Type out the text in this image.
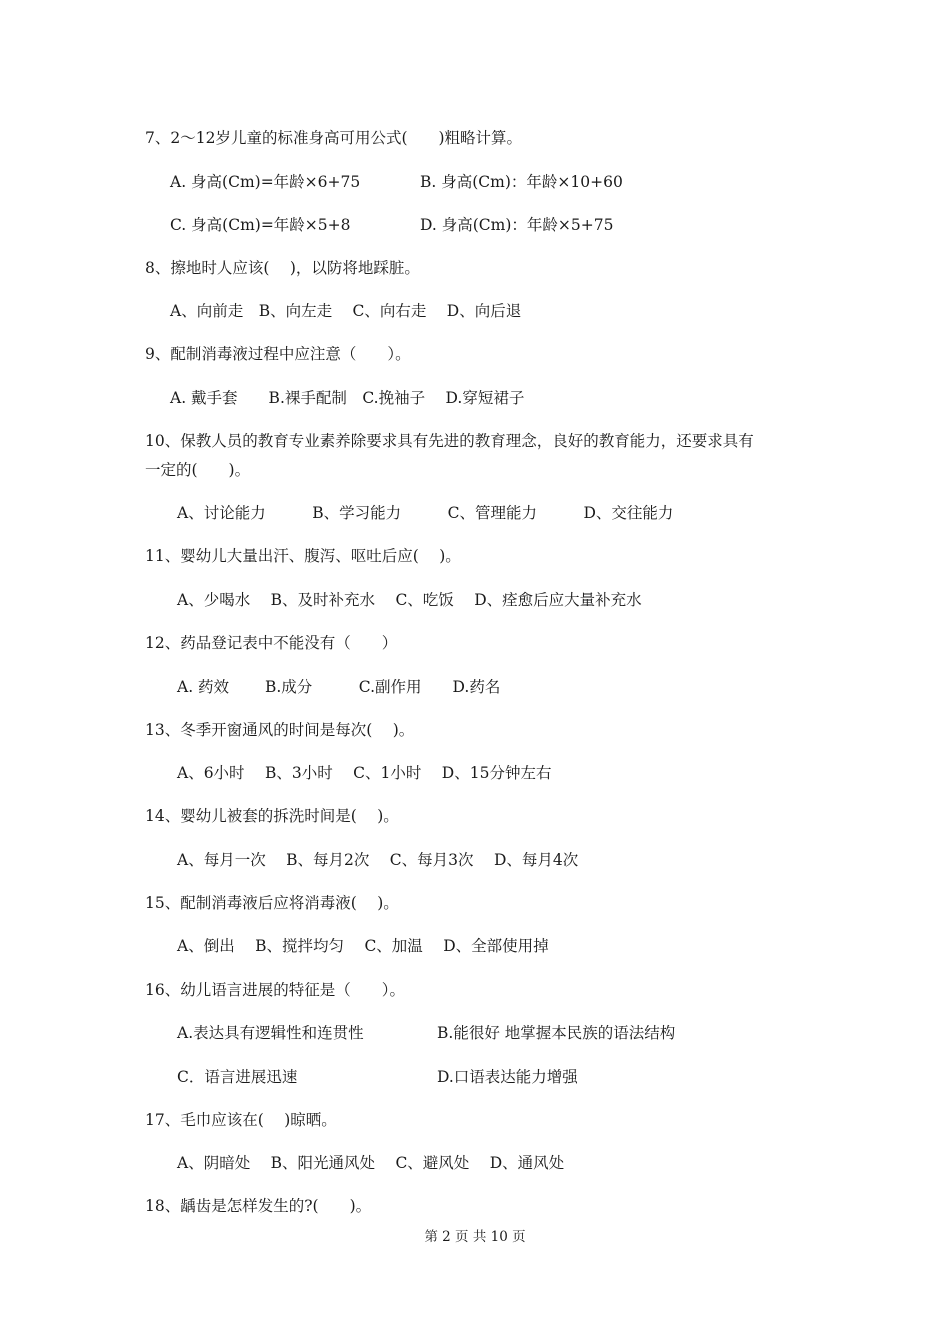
7、2～12岁儿童的标准身高可用公式(　　)粗略计算。
A. 身高(Cm)=年龄×6+75	B. 身高(Cm)：年龄×10+60
C. 身高(Cm)=年龄×5+8	D. 身高(Cm)：年龄×5+75
8、擦地时人应该(　 )，以防将地踩脏。
A、向前走　B、向左走　 C、向右走　 D、向后退
9、配制消毒液过程中应注意（　　）。
A. 戴手套　　B.裸手配制　C.挽袖子　 D.穿短裙子
10、保教人员的教育专业素养除要求具有先进的教育理念，良好的教育能力，还要求具有
一定的(　　)。
A、讨论能力　　　B、学习能力　　　C、管理能力　　　D、交往能力
11、婴幼儿大量出汗、腹泻、呕吐后应(　 )。
A、少喝水　 B、及时补充水　 C、吃饭　 D、痊愈后应大量补充水
12、药品登记表中不能没有（　　）
A. 药效　　 B.成分　　　C.副作用　　D.药名
13、冬季开窗通风的时间是每次(　 )。
A、6小时　 B、3小时　 C、1小时　 D、15分钟左右
14、婴幼儿被套的拆洗时间是(　 )。
A、每月一次　 B、每月2次　 C、每月3次　 D、每月4次
15、配制消毒液后应将消毒液(　 )。
A、倒出　 B、搅拌均匀　 C、加温　 D、全部使用掉
16、幼儿语言进展的特征是（　　）。
A.表达具有逻辑性和连贯性	B.能很好 地掌握本民族的语法结构
C．语言进展迅速	D.口语表达能力增强
17、毛巾应该在(　 )晾晒。
A、阴暗处　 B、阳光通风处　 C、避风处　 D、通风处
18、龋齿是怎样发生的?(　　)。
第 2 页 共 10 页
